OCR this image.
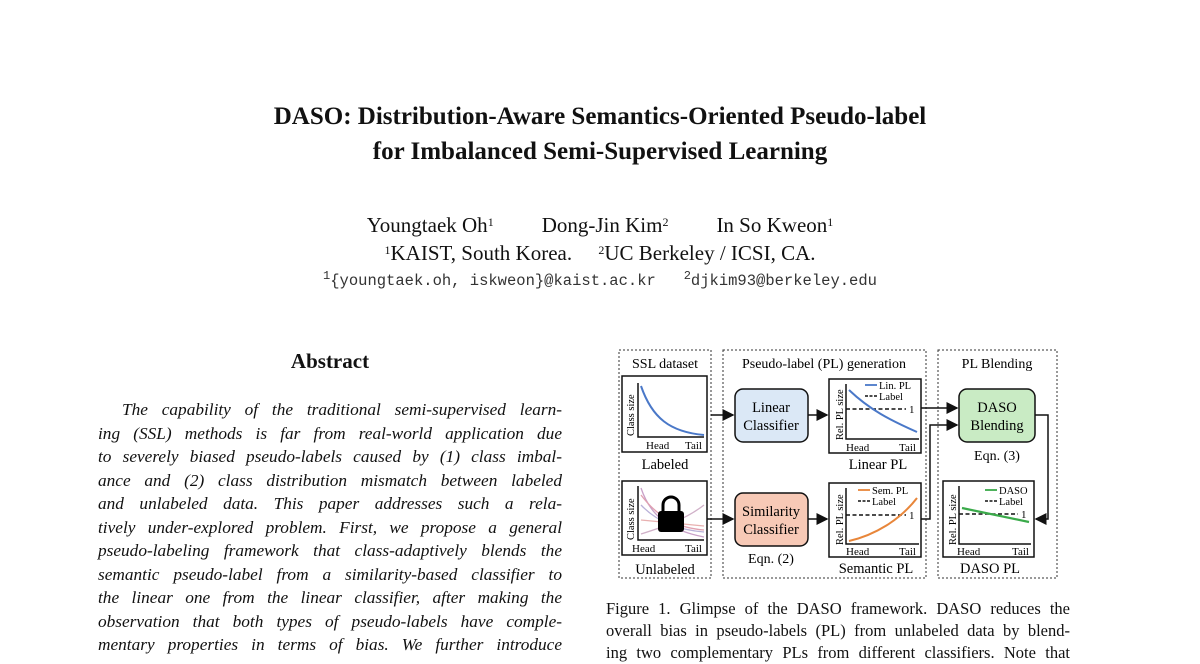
DASO: Distribution-Aware Semantics-Oriented Pseudo-label
for Imbalanced Semi-Supervised Learning
Youngtaek Oh$^1$ Dong-Jin Kim$^2$ In So Kweon$^1$
$^1$KAIST, South Korea. $^2$UC Berkeley / ICSI, CA.
$^1${youngtaek.oh, iskweon}@kaist.ac.kr $^2$djkim93@berkeley.edu
Abstract
The capability of the traditional semi-supervised learn-
ing (SSL) methods is far from real-world application due
to severely biased pseudo-labels caused by (1) class imbal-
ance and (2) class distribution mismatch between labeled
and unlabeled data. This paper addresses such a rela-
tively under-explored problem. First, we propose a general
pseudo-labeling framework that class-adaptively blends the
semantic pseudo-label from a similarity-based classifier to
the linear one from the linear classifier, after making the
observation that both types of pseudo-labels have comple-
mentary properties in terms of bias. We further introduce
SSL dataset	Pseudo-label (PL) generation	PL Blending
Class size
Head Tail
Labeled
Class size
Head	Tail
Unlabeled
Linear
Classifier
Similarity
Classifier
Eqn. (2)
Lin. PL
Label
1
Rel. PL size
Head	Tail
Linear PL
Sem. PL
Label
1
Rel. PL size
Head	Tail
Semantic PL
DASO
Blending
Eqn. (3)
DASO
Label
1
Rel. PL size
Head	Tail
DASO PL
Figure 1. Glimpse of the DASO framework. DASO reduces the
overall bias in pseudo-labels (PL) from unlabeled data by blend-
ing two complementary PLs from different classifiers. Note that
